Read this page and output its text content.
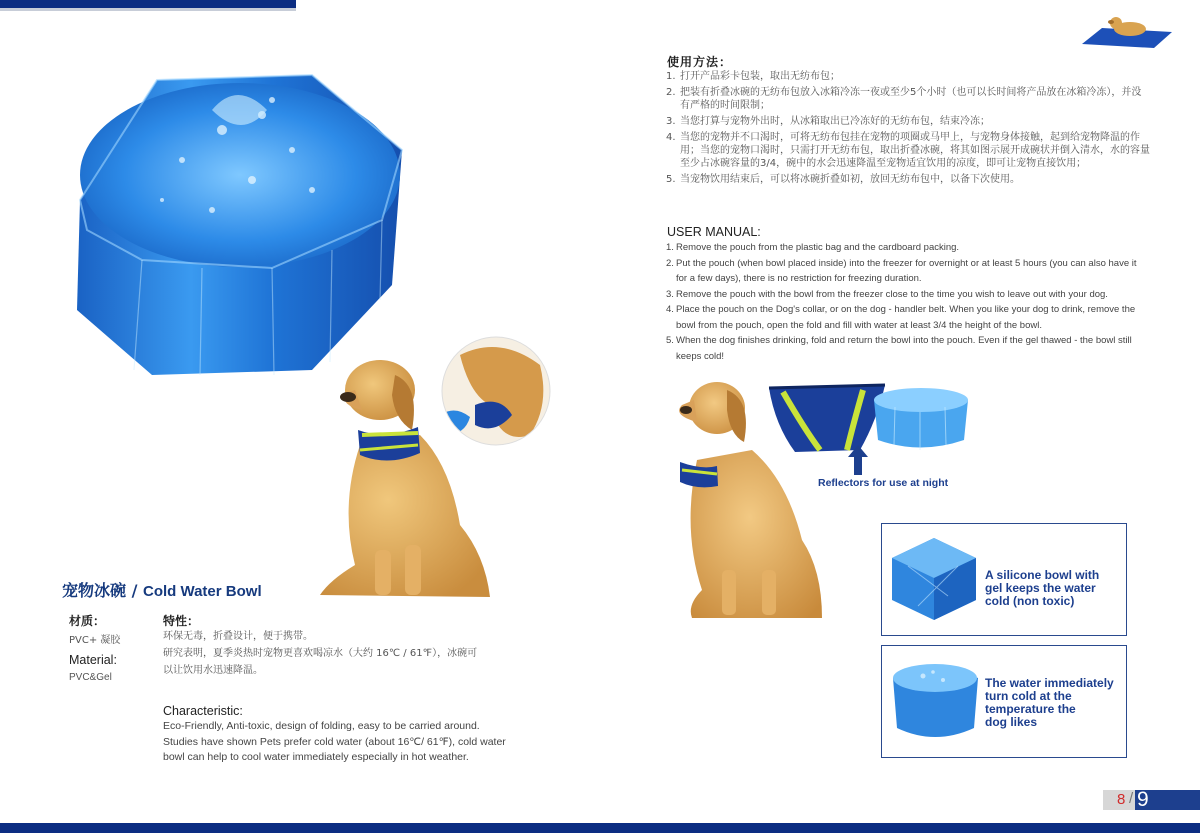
宠物冰碗 / Cold Water Bowl
材质：
PVC+ 凝胶
Material:
PVC&Gel
特性：
环保无毒，折叠设计，便于携带。
研究表明，夏季炎热时宠物更喜欢喝凉水（大约 16℃ / 61℉），冰碗可
以让饮用水迅速降温。
Characteristic:
Eco-Friendly, Anti-toxic, design of folding, easy to be carried around.
Studies have shown Pets prefer cold water (about 16℃/ 61℉), cold water
bowl can help to cool water immediately especially in hot weather.
使用方法：
1. 打开产品彩卡包装，取出无纺布包；
2. 把装有折叠冰碗的无纺布包放入冰箱冷冻一夜或至少5个小时（也可以长时间将产品放在冰箱冷冻），并没有严格的时间限制；
3. 当您打算与宠物外出时，从冰箱取出已冷冻好的无纺布包，结束冷冻；
4. 当您的宠物并不口渴时，可将无纺布包挂在宠物的项圈或马甲上，与宠物身体接触，起到给宠物降温的作用；当您的宠物口渴时，只需打开无纺布包，取出折叠冰碗，将其如图示展开成碗状并倒入清水，水的容量至少占冰碗容量的3/4，碗中的水会迅速降温至宠物适宜饮用的凉度，即可让宠物直接饮用；
5. 当宠物饮用结束后，可以将冰碗折叠如初，放回无纺布包中，以备下次使用。
USER MANUAL:
1. Remove the pouch from the plastic bag and the cardboard packing.
2. Put the pouch (when bowl placed inside) into the freezer for overnight or at least 5 hours (you can also have it for a few days), there is no restriction for freezing duration.
3. Remove the pouch with the bowl from the freezer close to the time you wish to leave out with your dog.
4. Place the pouch on the Dog's collar, or on the dog - handler belt. When you like your dog to drink, remove the bowl from the pouch, open the fold and fill with water at least 3/4 the height of the bowl.
5. When the dog finishes drinking, fold and return the bowl into the pouch. Even if the gel thawed - the bowl still keeps cold!
Reflectors for use at night
A silicone bowl with
gel keeps the water
cold (non toxic)
The water immediately
turn cold at the
temperature the
dog likes
8 / 9
